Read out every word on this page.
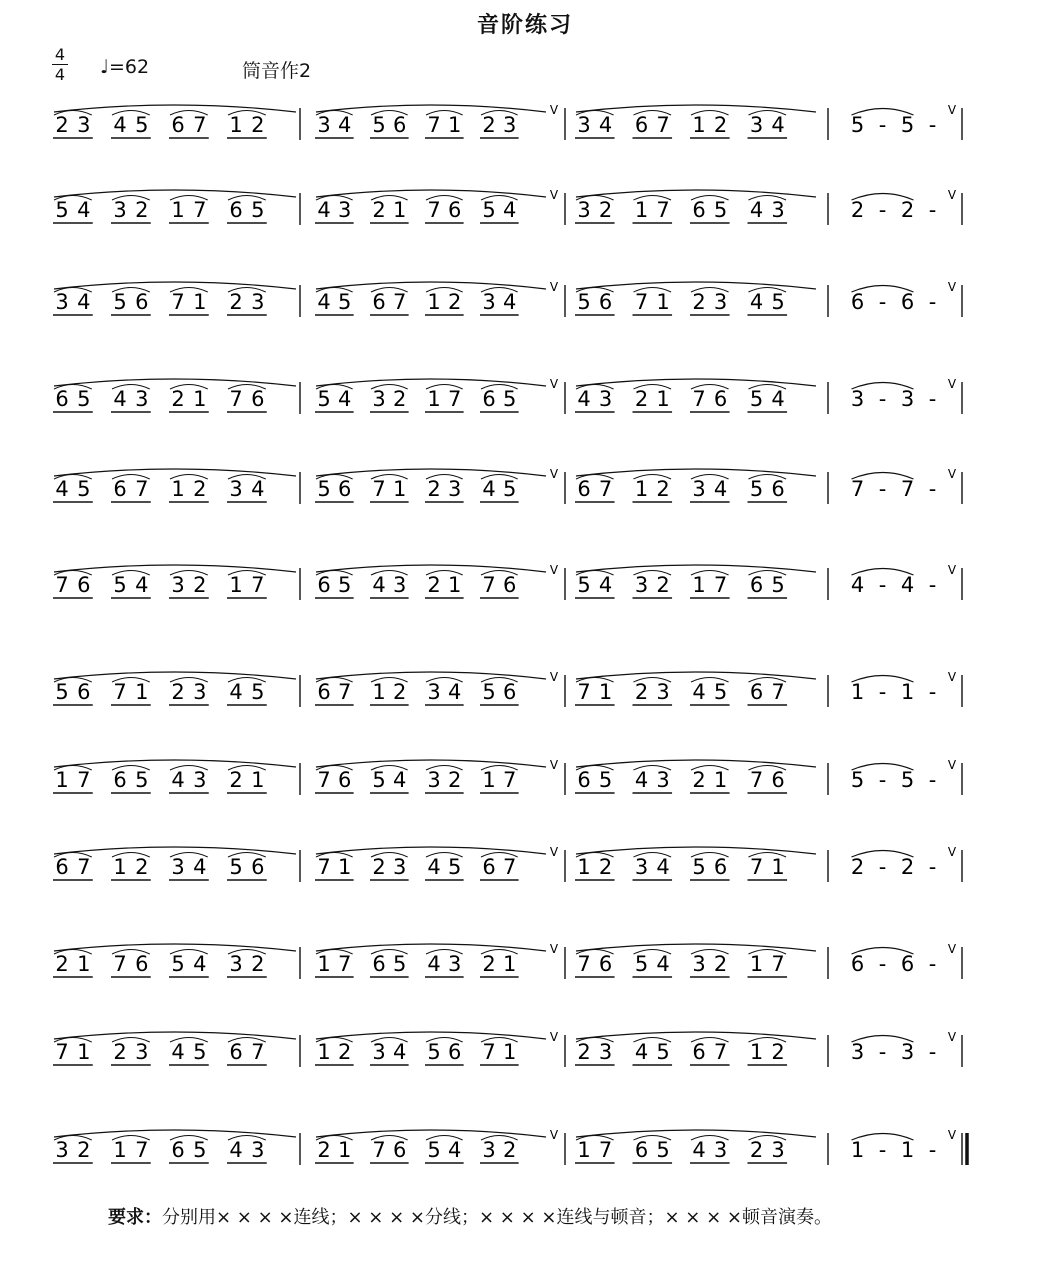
音阶练习
4
4 ♩=62	筒音作2
2 3 4 5 6 7 1 2	3 4 5 6 7 1 2 3	3 4 6 7 1 2 3 4	5 - 5 -
V	V
5 4 3 2 1 7 6 5	4 3 2 1 7 6 5 4	3 2 1 7 6 5 4 3	2 - 2 -
V	V
3 4 5 6 7 1 2 3	4 5 6 7 1 2 3 4	5 6 7 1 2 3 4 5	6 - 6 -
V	V
6 5 4 3 2 1 7 6	5 4 3 2 1 7 6 5	4 3 2 1 7 6 5 4	3 - 3 -
V	V
4 5 6 7 1 2 3 4	5 6 7 1 2 3 4 5	6 7 1 2 3 4 5 6	7 - 7 -
V	V
7 6 5 4 3 2 1 7	6 5 4 3 2 1 7 6	5 4 3 2 1 7 6 5	4 - 4 -
V	V
5 6 7 1 2 3 4 5	6 7 1 2 3 4 5 6	7 1 2 3 4 5 6 7	1 - 1 -
V	V
1 7 6 5 4 3 2 1	7 6 5 4 3 2 1 7	6 5 4 3 2 1 7 6	5 - 5 -
V	V
6 7 1 2 3 4 5 6	7 1 2 3 4 5 6 7	1 2 3 4 5 6 7 1	2 - 2 -
V	V
2 1 7 6 5 4 3 2	1 7 6 5 4 3 2 1	7 6 5 4 3 2 1 7	6 - 6 -
V	V
7 1 2 3 4 5 6 7	1 2 3 4 5 6 7 1	2 3 4 5 6 7 1 2	3 - 3 -
V	V
3 2 1 7 6 5 4 3	2 1 7 6 5 4 3 2	1 7 6 5 4 3 2 3	1 - 1 -
V	V
要求：分别用× × × ×连线；× × × ×分线；× × × ×连线与顿音；× × × ×顿音演奏。
